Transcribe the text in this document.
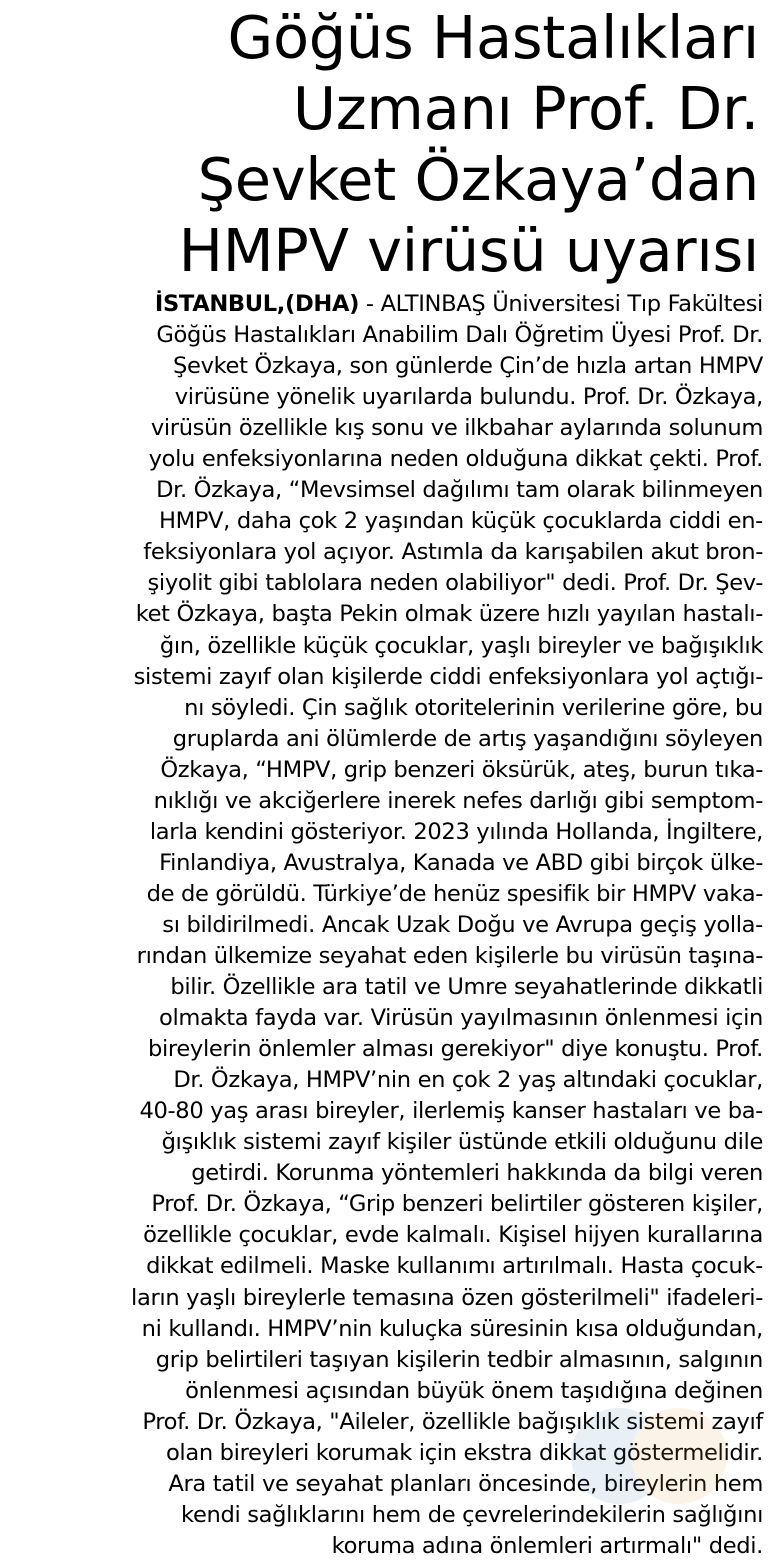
Göğüs Hastalıkları
Uzmanı Prof. Dr.
Şevket Özkaya’dan
HMPV virüsü uyarısı
İSTANBUL,(DHA) - ALTINBAŞ Üniversitesi Tıp Fakültesi
Göğüs Hastalıkları Anabilim Dalı Öğretim Üyesi Prof. Dr.
Şevket Özkaya, son günlerde Çin’de hızla artan HMPV
virüsüne yönelik uyarılarda bulundu. Prof. Dr. Özkaya,
virüsün özellikle kış sonu ve ilkbahar aylarında solunum
yolu enfeksiyonlarına neden olduğuna dikkat çekti. Prof.
Dr. Özkaya, “Mevsimsel dağılımı tam olarak bilinmeyen
HMPV, daha çok 2 yaşından küçük çocuklarda ciddi en-
feksiyonlara yol açıyor. Astımla da karışabilen akut bron-
şiyolit gibi tablolara neden olabiliyor" dedi. Prof. Dr. Şev-
ket Özkaya, başta Pekin olmak üzere hızlı yayılan hastalı-
ğın, özellikle küçük çocuklar, yaşlı bireyler ve bağışıklık
sistemi zayıf olan kişilerde ciddi enfeksiyonlara yol açtığı-
nı söyledi. Çin sağlık otoritelerinin verilerine göre, bu
gruplarda ani ölümlerde de artış yaşandığını söyleyen
Özkaya, “HMPV, grip benzeri öksürük, ateş, burun tıka-
nıklığı ve akciğerlere inerek nefes darlığı gibi semptom-
larla kendini gösteriyor. 2023 yılında Hollanda, İngiltere,
Finlandiya, Avustralya, Kanada ve ABD gibi birçok ülke-
de de görüldü. Türkiye’de henüz spesifik bir HMPV vaka-
sı bildirilmedi. Ancak Uzak Doğu ve Avrupa geçiş yolla-
rından ülkemize seyahat eden kişilerle bu virüsün taşına-
bilir. Özellikle ara tatil ve Umre seyahatlerinde dikkatli
olmakta fayda var. Virüsün yayılmasının önlenmesi için
bireylerin önlemler alması gerekiyor" diye konuştu. Prof.
Dr. Özkaya, HMPV’nin en çok 2 yaş altındaki çocuklar,
40-80 yaş arası bireyler, ilerlemiş kanser hastaları ve ba-
ğışıklık sistemi zayıf kişiler üstünde etkili olduğunu dile
getirdi. Korunma yöntemleri hakkında da bilgi veren
Prof. Dr. Özkaya, “Grip benzeri belirtiler gösteren kişiler,
özellikle çocuklar, evde kalmalı. Kişisel hijyen kurallarına
dikkat edilmeli. Maske kullanımı artırılmalı. Hasta çocuk-
ların yaşlı bireylerle temasına özen gösterilmeli" ifadeleri-
ni kullandı. HMPV’nin kuluçka süresinin kısa olduğundan,
grip belirtileri taşıyan kişilerin tedbir almasının, salgının
önlenmesi açısından büyük önem taşıdığına değinen
Prof. Dr. Özkaya, "Aileler, özellikle bağışıklık sistemi zayıf
olan bireyleri korumak için ekstra dikkat göstermelidir.
Ara tatil ve seyahat planları öncesinde, bireylerin hem
kendi sağlıklarını hem de çevrelerindekilerin sağlığını
koruma adına önlemleri artırmalı" dedi.
